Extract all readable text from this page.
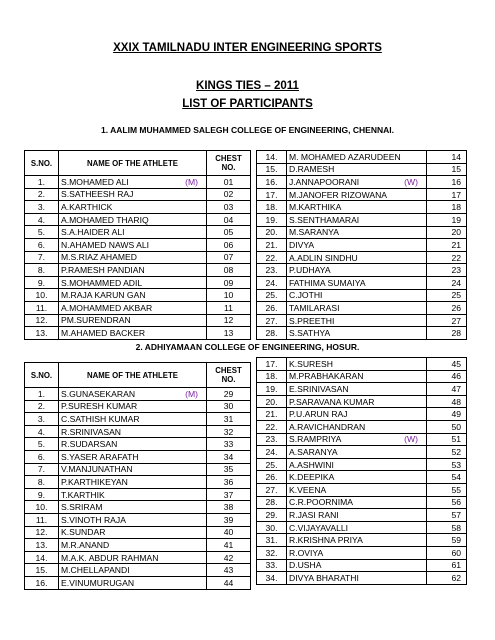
XXIX TAMILNADU INTER ENGINEERING SPORTS
KINGS TIES – 2011
LIST OF PARTICIPANTS
1. AALIM MUHAMMED SALEGH COLLEGE OF ENGINEERING, CHENNAI.
S.NO.	NAME OF THE ATHLETE	CHEST NO.
1.	S.MOHAMED ALI (M)	01
2.	S.SATHEESH RAJ	02
3.	A.KARTHICK	03
4.	A.MOHAMED THARIQ	04
5.	S.A.HAIDER ALI	05
6.	N.AHAMED NAWS ALI	06
7.	M.S.RIAZ AHAMED	07
8.	P.RAMESH PANDIAN	08
9.	S.MOHAMMED ADIL	09
10.	M.RAJA KARUN GAN	10
11.	A.MOHAMMED AKBAR	11
12.	PM.SURENDRAN	12
13.	M.AHAMED BACKER	13
14.	M. MOHAMED AZARUDEEN	14
15.	D.RAMESH	15
16.	J.ANNAPOORANI (W)	16
17.	M.JANOFER RIZOWANA	17
18.	M.KARTHIKA	18
19.	S.SENTHAMARAI	19
20.	M.SARANYA	20
21.	DIVYA	21
22.	A.ADLIN SINDHU	22
23.	P.UDHAYA	23
24.	FATHIMA SUMAIYA	24
25.	C.JOTHI	25
26.	TAMILARASI	26
27.	S.PREETHI	27
28.	S.SATHYA	28
2. ADHIYAMAAN COLLEGE OF ENGINEERING, HOSUR.
S.NO.	NAME OF THE ATHLETE	CHEST NO.
1.	S.GUNASEKARAN (M)	29
2.	P.SURESH KUMAR	30
3.	C.SATHISH KUMAR	31
4.	R.SRINIVASAN	32
5.	R.SUDARSAN	33
6.	S.YASER ARAFATH	34
7.	V.MANJUNATHAN	35
8.	P.KARTHIKEYAN	36
9.	T.KARTHIK	37
10.	S.SRIRAM	38
11.	S.VINOTH RAJA	39
12.	K.SUNDAR	40
13.	M.R.ANAND	41
14.	M.A.K. ABDUR RAHMAN	42
15.	M.CHELLAPANDI	43
16.	E.VINUMURUGAN	44
17.	K.SURESH	45
18.	M.PRABHAKARAN	46
19.	E.SRINIVASAN	47
20.	P.SARAVANA KUMAR	48
21.	P.U.ARUN RAJ	49
22.	A.RAVICHANDRAN	50
23.	S.RAMPRIYA (W)	51
24.	A.SARANYA	52
25.	A.ASHWINI	53
26.	K.DEEPIKA	54
27.	K.VEENA	55
28.	C.R.POORNIMA	56
29.	R.JASI RANI	57
30.	C.VIJAYAVALLI	58
31.	R.KRISHNA PRIYA	59
32.	R.OVIYA	60
33.	D.USHA	61
34.	DIVYA BHARATHI	62
